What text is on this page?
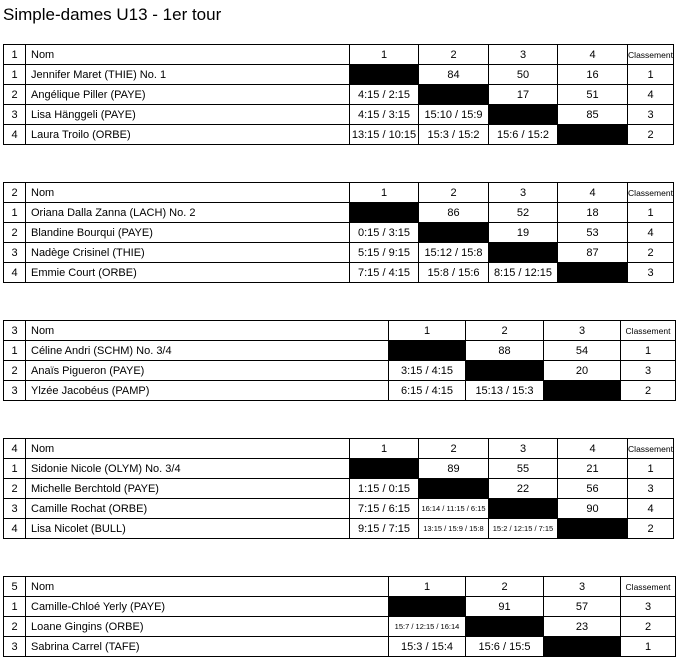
Simple-dames U13 - 1er tour
1	Nom	1	2	3	4	Classement
1	Jennifer Maret (THIE) No. 1		84	50	16	1
2	Angélique Piller (PAYE)	4:15 / 2:15		17	51	4
3	Lisa Hänggeli (PAYE)	4:15 / 3:15	15:10 / 15:9		85	3
4	Laura Troilo (ORBE)	13:15 / 10:15	15:3 / 15:2	15:6 / 15:2		2
2	Nom	1	2	3	4	Classement
1	Oriana Dalla Zanna (LACH) No. 2		86	52	18	1
2	Blandine Bourqui (PAYE)	0:15 / 3:15		19	53	4
3	Nadège Crisinel (THIE)	5:15 / 9:15	15:12 / 15:8		87	2
4	Emmie Court (ORBE)	7:15 / 4:15	15:8 / 15:6	8:15 / 12:15		3
3	Nom	1	2	3	Classement
1	Céline Andri (SCHM) No. 3/4		88	54	1
2	Anaïs Pigueron (PAYE)	3:15 / 4:15		20	3
3	Ylzée Jacobéus (PAMP)	6:15 / 4:15	15:13 / 15:3		2
4	Nom	1	2	3	4	Classement
1	Sidonie Nicole (OLYM) No. 3/4		89	55	21	1
2	Michelle Berchtold (PAYE)	1:15 / 0:15		22	56	3
3	Camille Rochat (ORBE)	7:15 / 6:15	16:14 / 11:15 / 6:15		90	4
4	Lisa Nicolet (BULL)	9:15 / 7:15	13:15 / 15:9 / 15:8	15:2 / 12:15 / 7:15		2
5	Nom	1	2	3	Classement
1	Camille-Chloé Yerly (PAYE)		91	57	3
2	Loane Gingins (ORBE)	15:7 / 12:15 / 16:14		23	2
3	Sabrina Carrel (TAFE)	15:3 / 15:4	15:6 / 15:5		1
